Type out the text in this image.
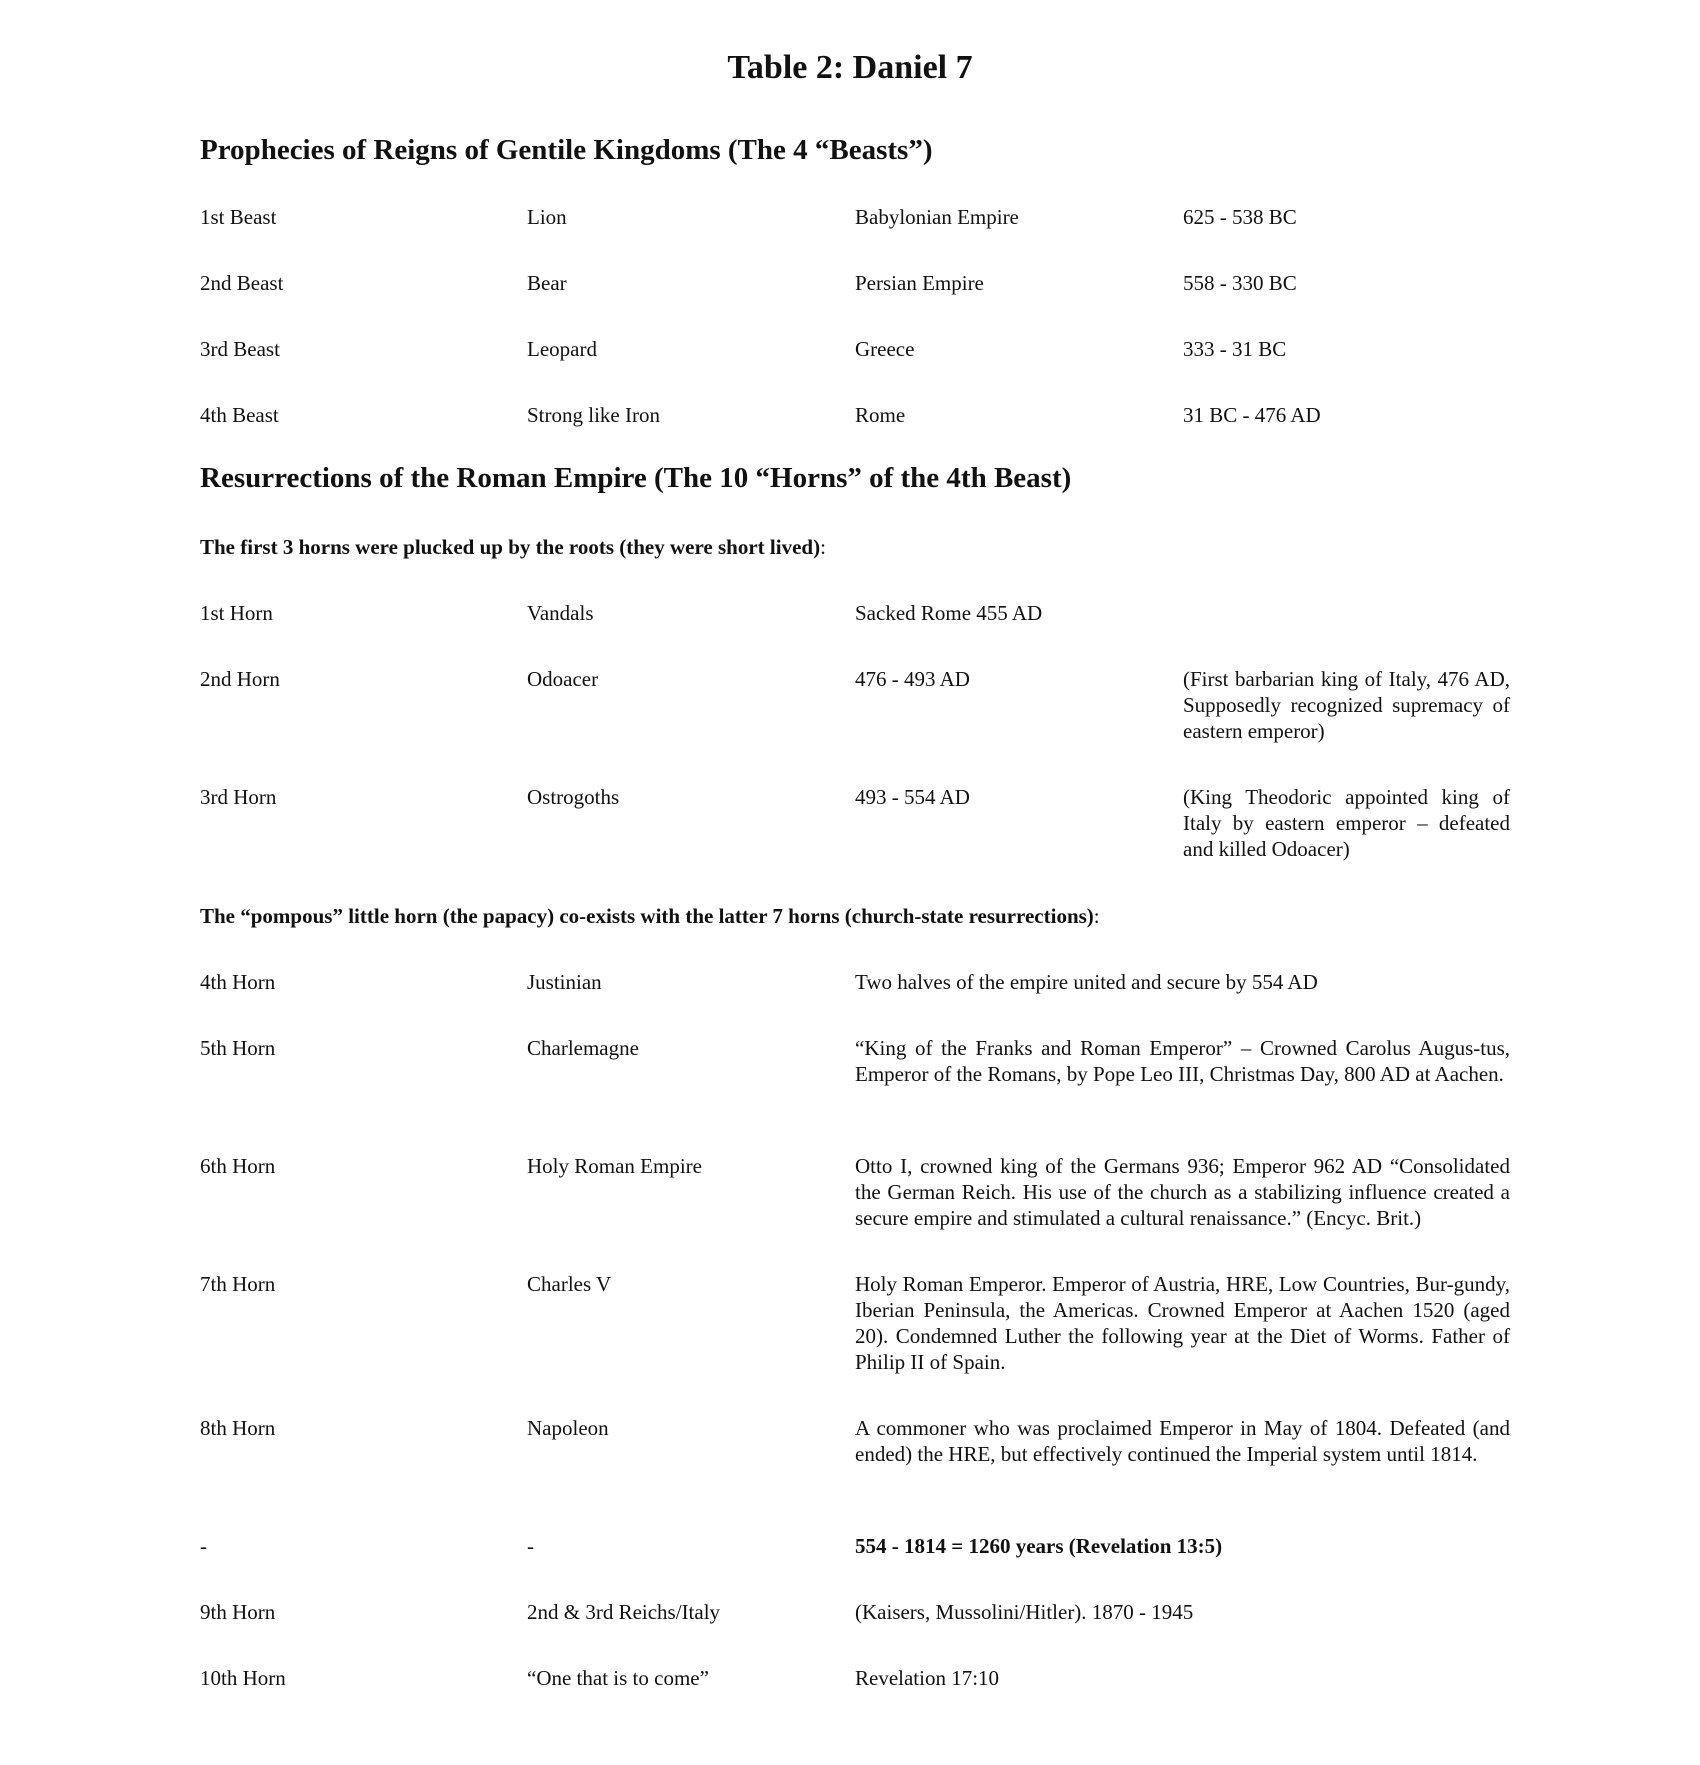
Table 2: Daniel 7
Prophecies of Reigns of Gentile Kingdoms (The 4 “Beasts”)
1st Beast	Lion	Babylonian Empire	625 - 538 BC
2nd Beast	Bear	Persian Empire	558 - 330 BC
3rd Beast	Leopard	Greece	333 - 31 BC
4th Beast	Strong like Iron	Rome	31 BC - 476 AD
Resurrections of the Roman Empire (The 10 “Horns” of the 4th Beast)
The first 3 horns were plucked up by the roots (they were short lived):
1st Horn	Vandals	Sacked Rome 455 AD
2nd Horn	Odoacer	476 - 493 AD	(First barbarian king of Italy, 476 AD, Supposedly recognized supremacy of eastern emperor)
3rd Horn	Ostrogoths	493 - 554 AD	(King Theodoric appointed king of Italy by eastern emperor – defeated and killed Odoacer)
The “pompous” little horn (the papacy) co-exists with the latter 7 horns (church-state resurrections):
4th Horn	Justinian	Two halves of the empire united and secure by 554 AD
5th Horn	Charlemagne	“King of the Franks and Roman Emperor” – Crowned Carolus Augus-tus, Emperor of the Romans, by Pope Leo III, Christmas Day, 800 AD at Aachen.
6th Horn	Holy Roman Empire	Otto I, crowned king of the Germans 936; Emperor 962 AD “Consolidated the German Reich. His use of the church as a stabilizing influence created a secure empire and stimulated a cultural renaissance.” (Encyc. Brit.)
7th Horn	Charles V	Holy Roman Emperor. Emperor of Austria, HRE, Low Countries, Bur-gundy, Iberian Peninsula, the Americas. Crowned Emperor at Aachen 1520 (aged 20). Condemned Luther the following year at the Diet of Worms. Father of Philip II of Spain.
8th Horn	Napoleon	A commoner who was proclaimed Emperor in May of 1804. Defeated (and ended) the HRE, but effectively continued the Imperial system until 1814.
-	-	554 - 1814 = 1260 years (Revelation 13:5)
9th Horn	2nd & 3rd Reichs/Italy	(Kaisers, Mussolini/Hitler). 1870 - 1945
10th Horn	“One that is to come”	Revelation 17:10
